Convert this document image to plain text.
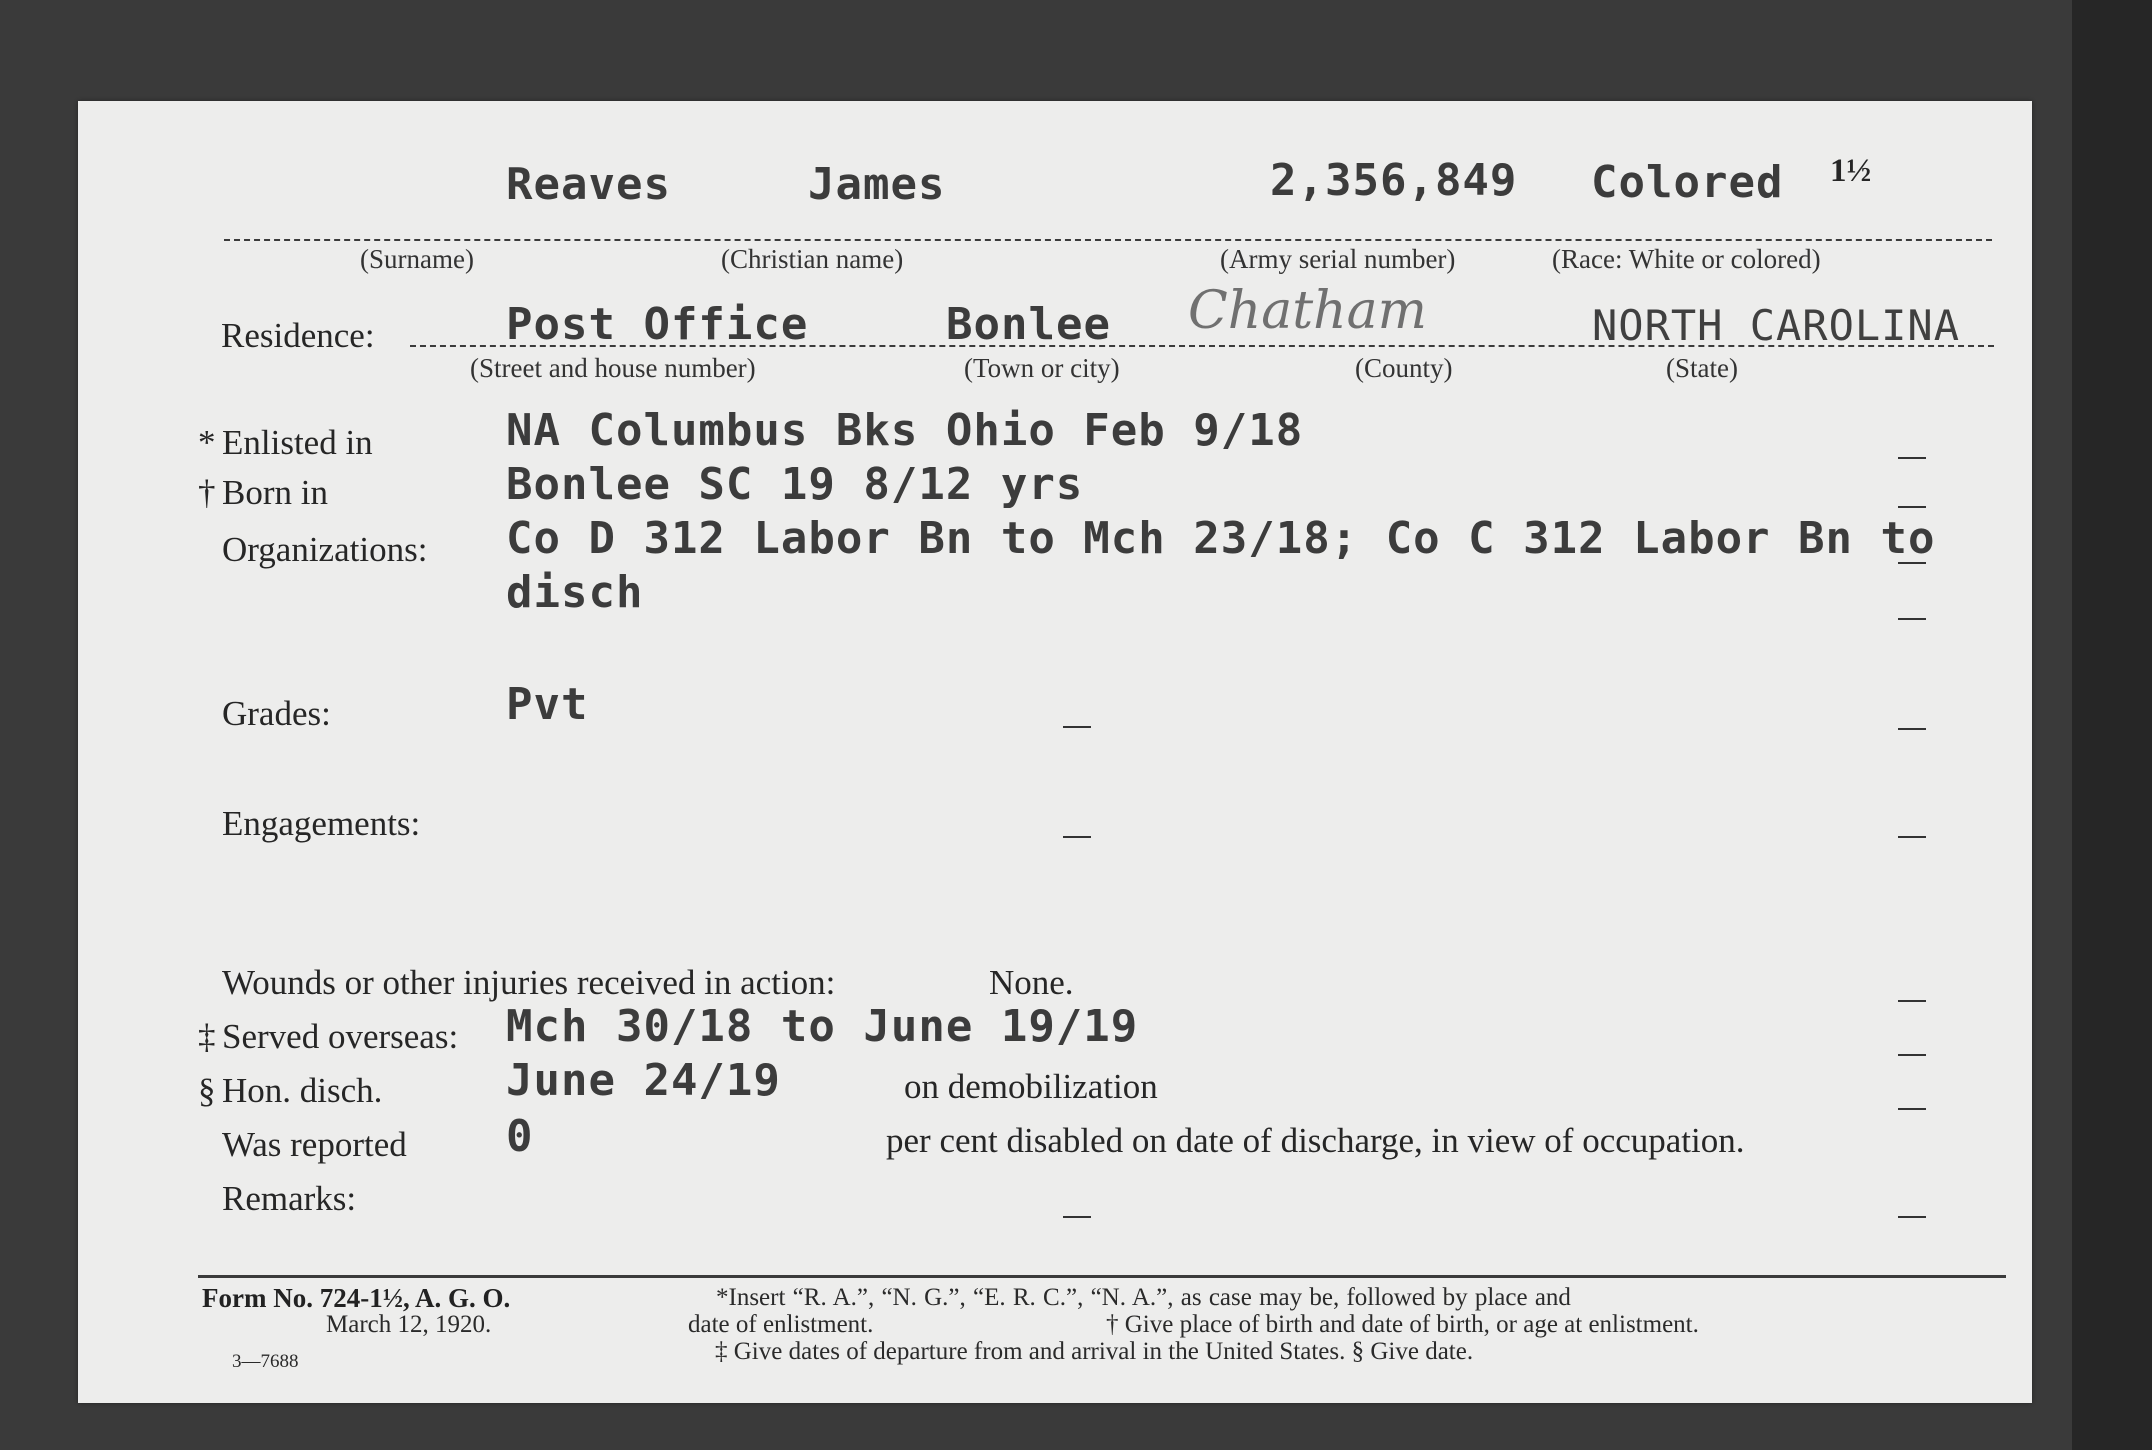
Reaves	James	2,356,849 Colored 1½
(Surname)	(Christian name)	(Army serial number)	(Race: White or colored)
Residence:	Post Office	Bonlee Chatham	NORTH CAROLINA
(Street and house number)	(Town or city)	(County)	(State)
* Enlisted in	NA Columbus Bks Ohio Feb 9/18
† Born in	Bonlee SC 19 8/12 yrs
Organizations: Co D 312 Labor Bn to Mch 23/18; Co C 312 Labor Bn to
disch
Grades:	Pvt
Engagements:
Wounds or other injuries received in action:	None.
‡ Served overseas: Mch 30/18 to June 19/19
§ Hon. disch.	June 24/19	on demobilization
Was reported 0	per cent disabled on date of discharge, in view of occupation.
Remarks:
Form No. 724-1½, A. G. O.
March 12, 1920.
3—7688
*Insert “R. A.”, “N. G.”, “E. R. C.”, “N. A.”, as case may be, followed by place and
date of enlistment.	† Give place of birth and date of birth, or age at enlistment.
‡ Give dates of departure from and arrival in the United States. § Give date.
